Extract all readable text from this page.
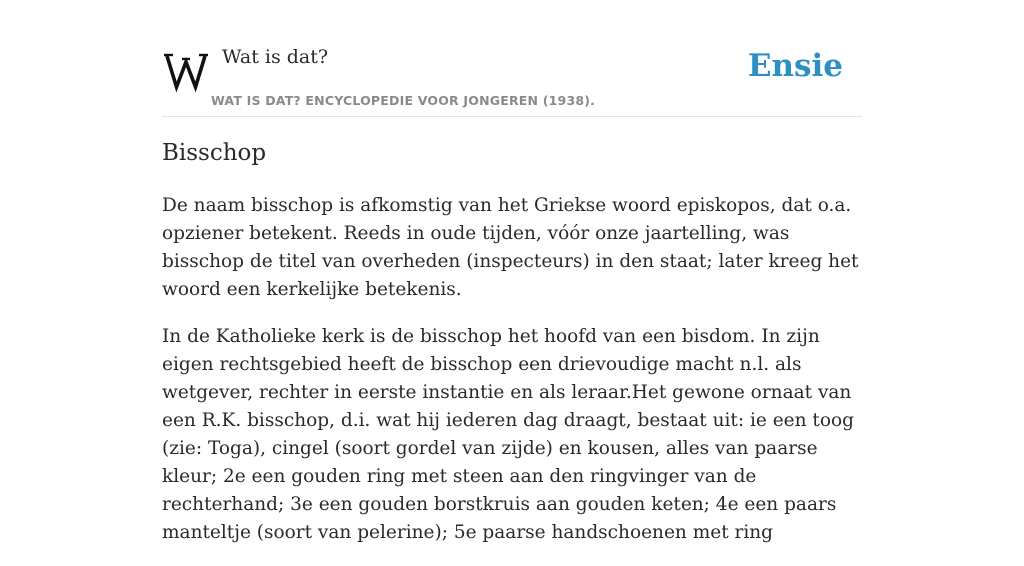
Wat is dat?
WAT IS DAT? ENCYCLOPEDIE VOOR JONGEREN (1938).
Ensie
Bisschop

De naam bisschop is afkomstig van het Griekse woord episkopos, dat o.a. opziener betekent. Reeds in oude tijden, vóór onze jaartelling, was bisschop de titel van overheden (inspecteurs) in den staat; later kreeg het woord een kerkelijke betekenis.

In de Katholieke kerk is de bisschop het hoofd van een bisdom. In zijn eigen rechtsgebied heeft de bisschop een drievoudige macht n.l. als wetgever, rechter in eerste instantie en als leraar.Het gewone ornaat van een R.K. bisschop, d.i. wat hij iederen dag draagt, bestaat uit: ie een toog (zie: Toga), cingel (soort gordel van zijde) en kousen, alles van paarse kleur; 2e een gouden ring met steen aan den ringvinger van de rechterhand; 3e een gouden borstkruis aan gouden keten; 4e een paars manteltje (soort van pelerine); 5e paarse handschoenen met ring
